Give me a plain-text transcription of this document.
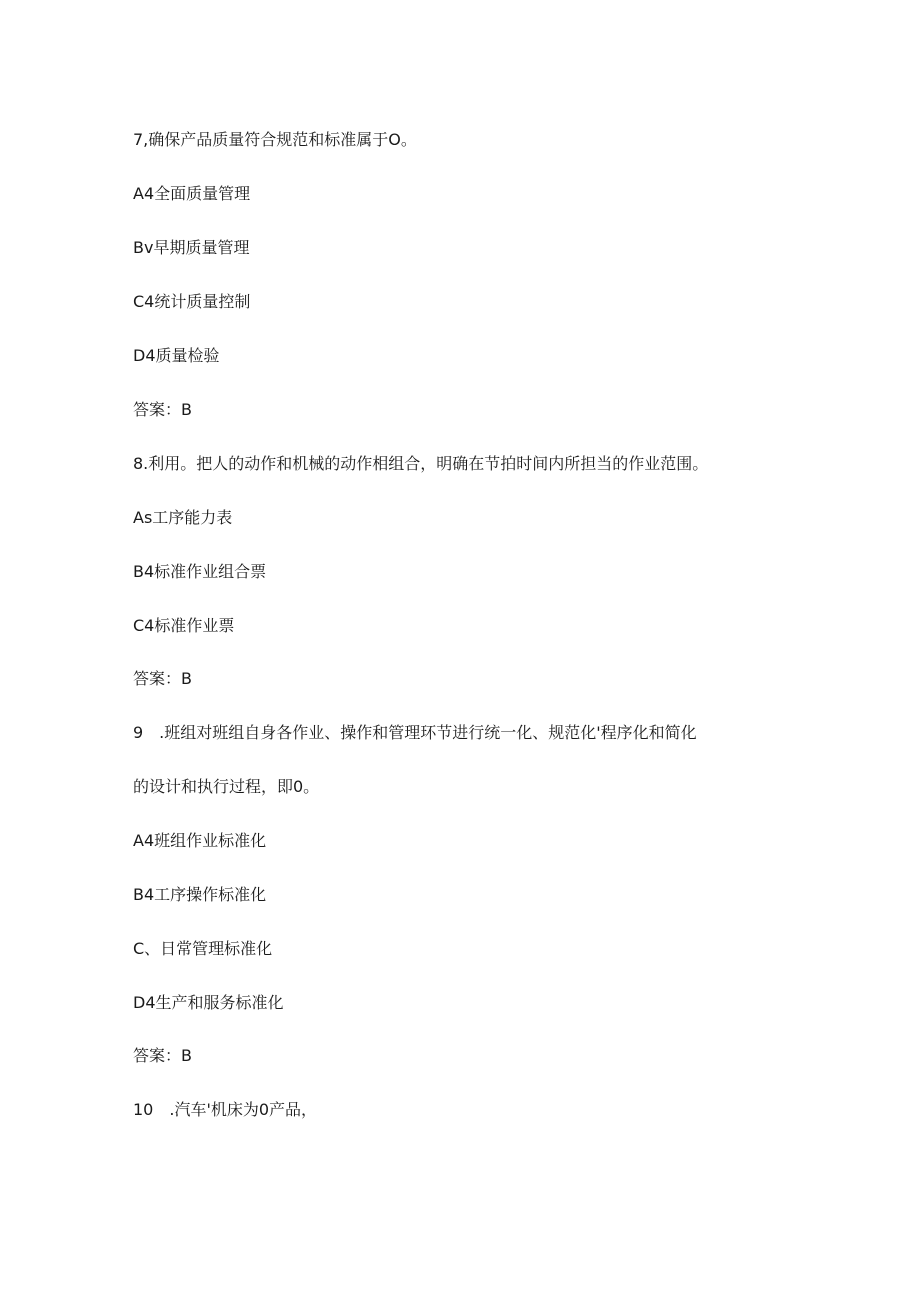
7,确保产品质量符合规范和标准属于O。
A4全面质量管理
Bv早期质量管理
C4统计质量控制
D4质量检验
答案：B
8.利用。把人的动作和机械的动作相组合，明确在节拍时间内所担当的作业范围。
As工序能力表
B4标准作业组合票
C4标准作业票
答案：B
9　.班组对班组自身各作业、操作和管理环节进行统一化、规范化'程序化和简化
的设计和执行过程，即0。
A4班组作业标准化
B4工序操作标准化
C、日常管理标准化
D4生产和服务标准化
答案：B
10　.汽车'机床为0产品，
